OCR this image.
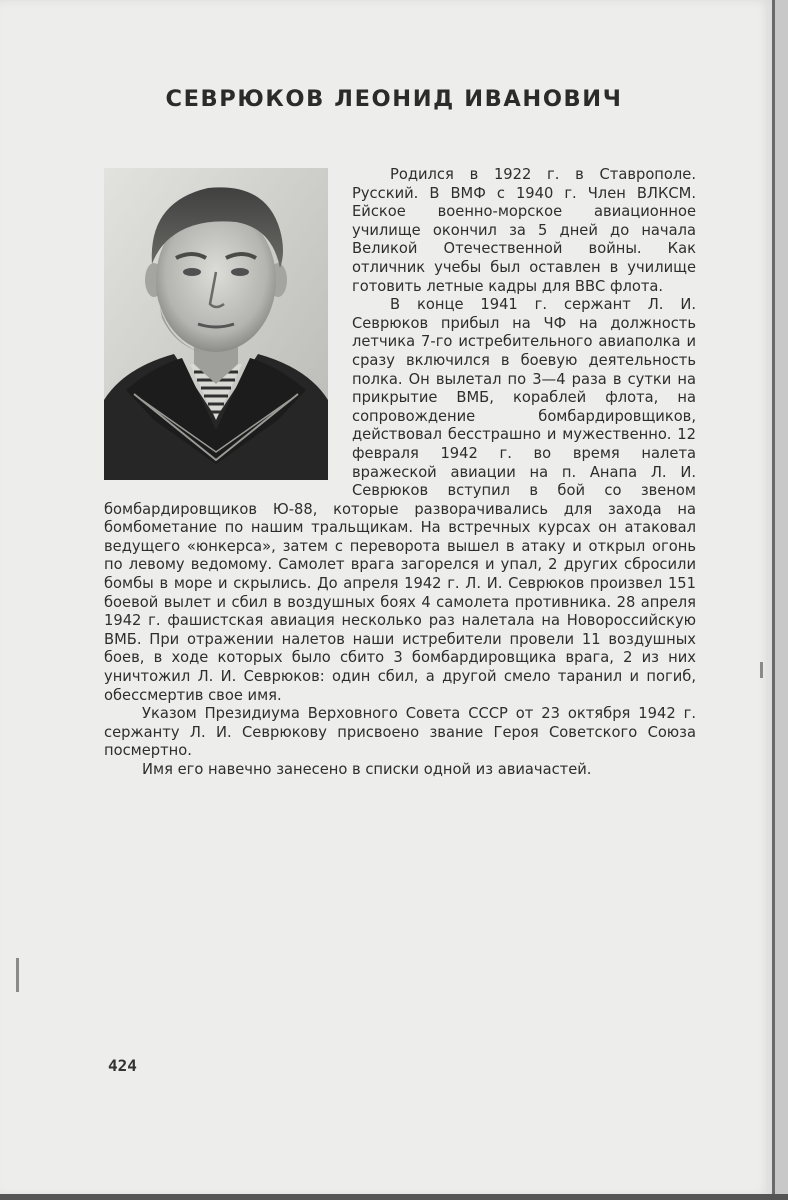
СЕВРЮКОВ ЛЕОНИД ИВАНОВИЧ

Родился в 1922 г. в Ставрополе. Русский. В ВМФ с 1940 г. Член ВЛКСМ. Ейское военно-морское авиационное училище окончил за 5 дней до начала Великой Отечественной войны. Как отличник учебы был оставлен в училище готовить летные кадры для ВВС флота.

В конце 1941 г. сержант Л. И. Севрюков прибыл на ЧФ на должность летчика 7-го истребительного авиаполка и сразу включился в боевую деятельность полка. Он вылетал по 3—4 раза в сутки на прикрытие ВМБ, кораблей флота, на сопровождение бомбардировщиков, действовал бесстрашно и мужественно. 12 февраля 1942 г. во время налета вражеской авиации на п. Анапа Л. И. Севрюков вступил в бой со звеном бомбардировщиков Ю-88, которые разворачивались для захода на бомбометание по нашим тральщикам. На встречных курсах он атаковал ведущего «юнкерса», затем с переворота вышел в атаку и открыл огонь по левому ведомому. Самолет врага загорелся и упал, 2 других сбросили бомбы в море и скрылись. До апреля 1942 г. Л. И. Севрюков произвел 151 боевой вылет и сбил в воздушных боях 4 самолета противника. 28 апреля 1942 г. фашистская авиация несколько раз налетала на Новороссийскую ВМБ. При отражении налетов наши истребители провели 11 воздушных боев, в ходе которых было сбито 3 бомбардировщика врага, 2 из них уничтожил Л. И. Севрюков: один сбил, а другой смело таранил и погиб, обессмертив свое имя.

Указом Президиума Верховного Совета СССР от 23 октября 1942 г. сержанту Л. И. Севрюкову присвоено звание Героя Советского Союза посмертно.

Имя его навечно занесено в списки одной из авиачастей.

424
